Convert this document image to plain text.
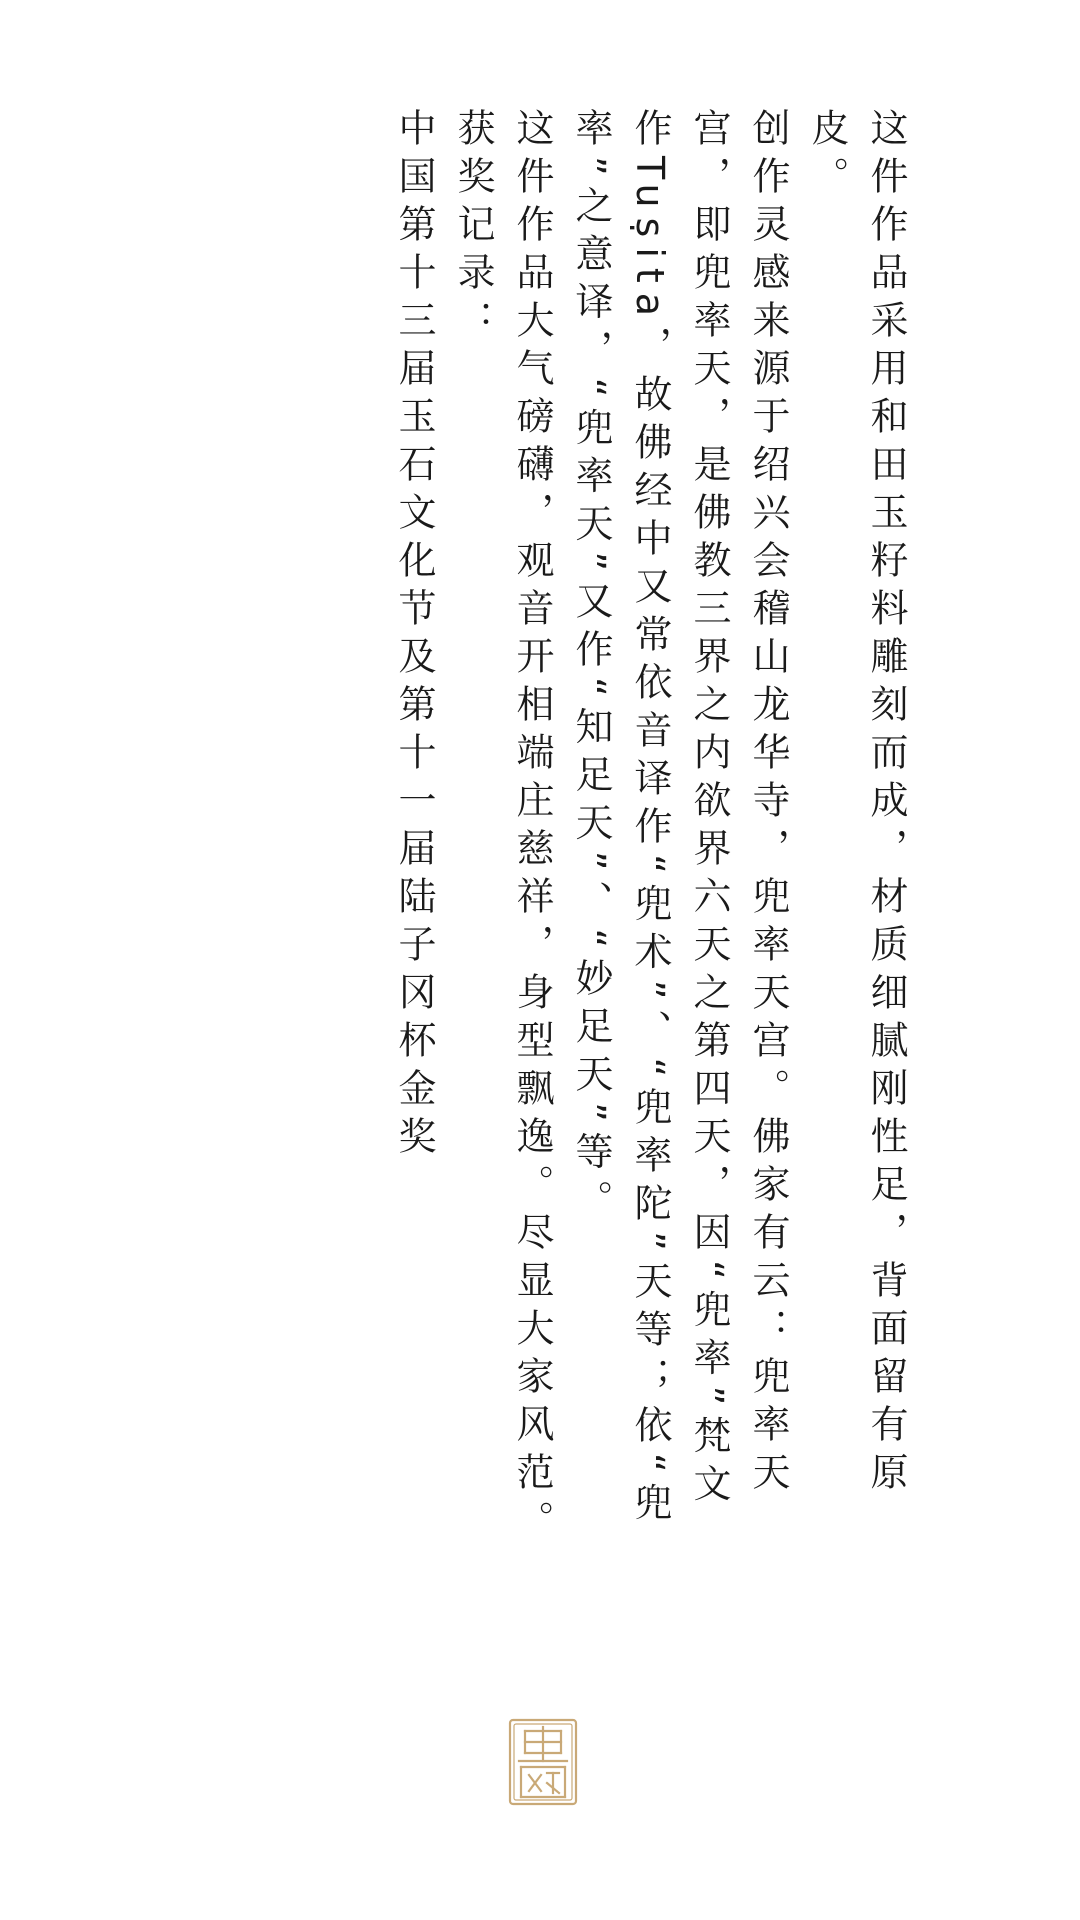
这件作品采用和田玉籽料雕刻而成，材质细腻刚性足，背面留有原皮。

创作灵感来源于绍兴会稽山龙华寺，兜率天宫。佛家有云：兜率天宫，即兜率天，是佛教三界之内欲界六天之第四天，因“兜率”梵文作Tuṣita，故佛经中又常依音译作“兜术”、“兜率陀”天等；依“兜率”之意译，“兜率天”又作“知足天”、“妙足天”等。

这件作品大气磅礴，观音开相端庄慈祥，身型飘逸。尽显大家风范。

获奖记录：

中国第十三届玉石文化节及第十一届陆子冈杯金奖
